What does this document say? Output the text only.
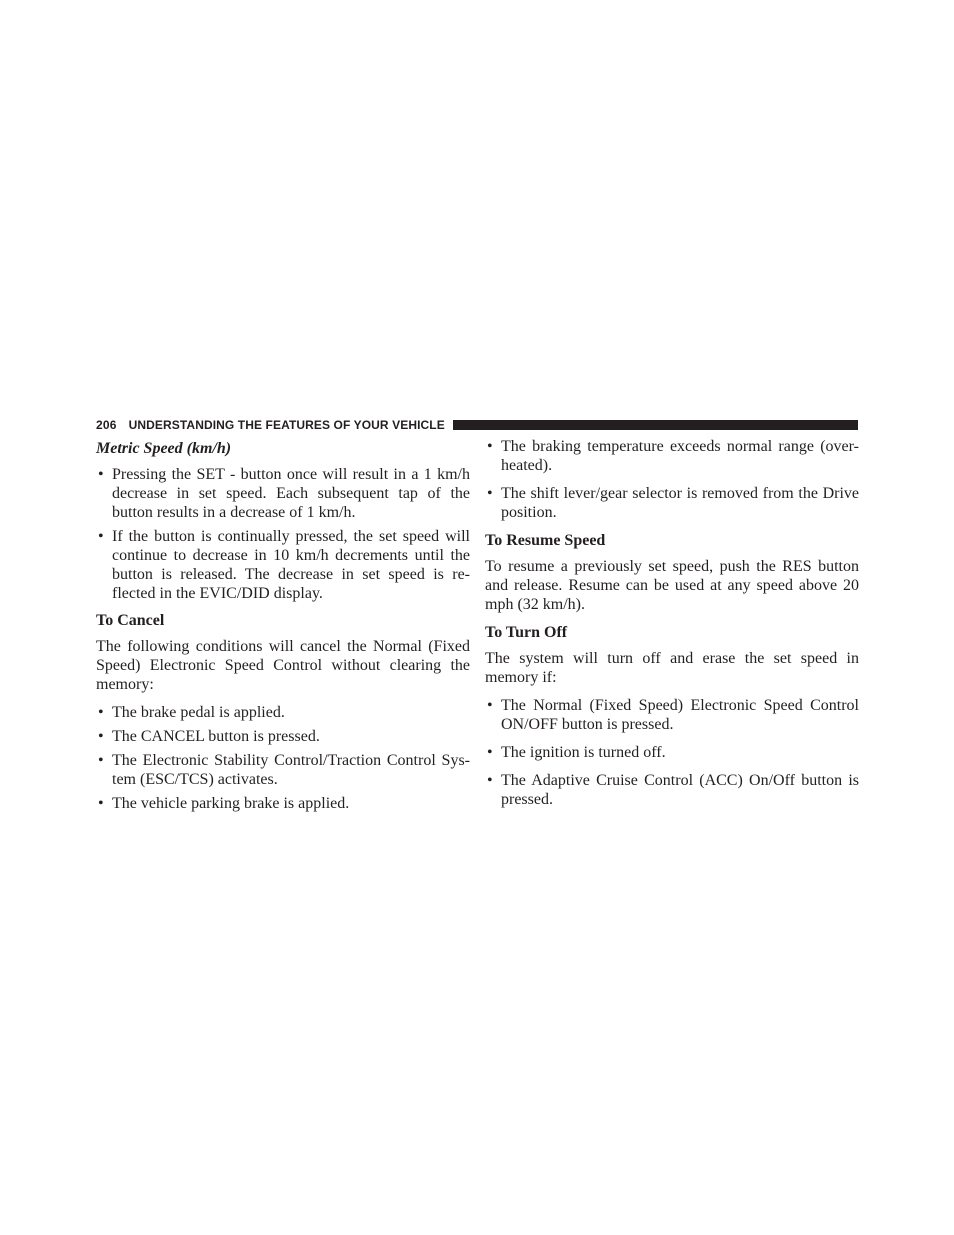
206 UNDERSTANDING THE FEATURES OF YOUR VEHICLE
Metric Speed (km/h)
• Pressing the SET - button once will result in a 1 km/h decrease in set speed. Each subsequent tap of the button results in a decrease of 1 km/h.
• If the button is continually pressed, the set speed will continue to decrease in 10 km/h decrements until the button is released. The decrease in set speed is re-flected in the EVIC/DID display.
To Cancel

The following conditions will cancel the Normal (Fixed Speed) Electronic Speed Control without clearing the memory:

• The brake pedal is applied.
• The CANCEL button is pressed.
• The Electronic Stability Control/Traction Control Sys-tem (ESC/TCS) activates.
• The vehicle parking brake is applied.
• The braking temperature exceeds normal range (over-heated).
• The shift lever/gear selector is removed from the Drive position.
To Resume Speed

To resume a previously set speed, push the RES button and release. Resume can be used at any speed above 20 mph (32 km/h).

To Turn Off

The system will turn off and erase the set speed in memory if:

• The Normal (Fixed Speed) Electronic Speed Control ON/OFF button is pressed.
• The ignition is turned off.
• The Adaptive Cruise Control (ACC) On/Off button is pressed.
